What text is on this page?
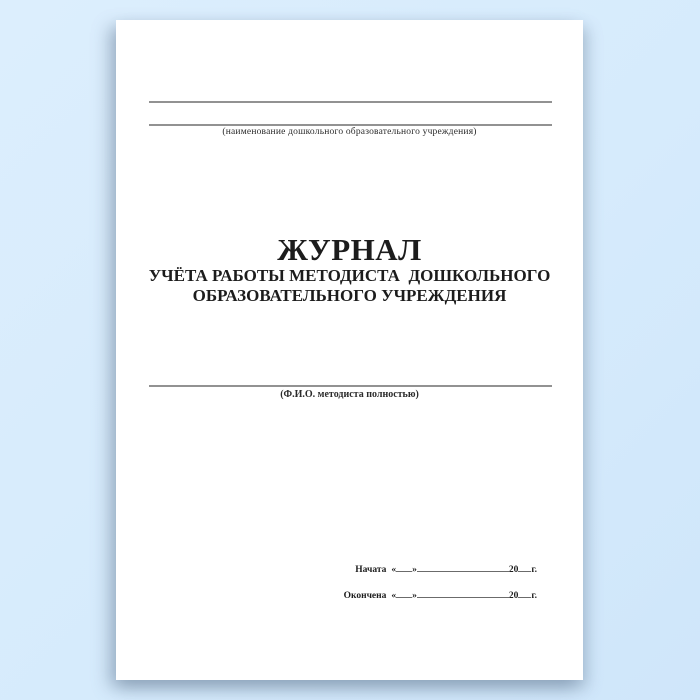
(наименование дошкольного образовательного учреждения)
ЖУРНАЛ
УЧЁТА РАБОТЫ МЕТОДИСТА  ДОШКОЛЬНОГО
ОБРАЗОВАТЕЛЬНОГО УЧРЕЖДЕНИЯ
(Ф.И.О. методиста полностью)
Начата « »	20 г.
Окончена « »	20 г.
